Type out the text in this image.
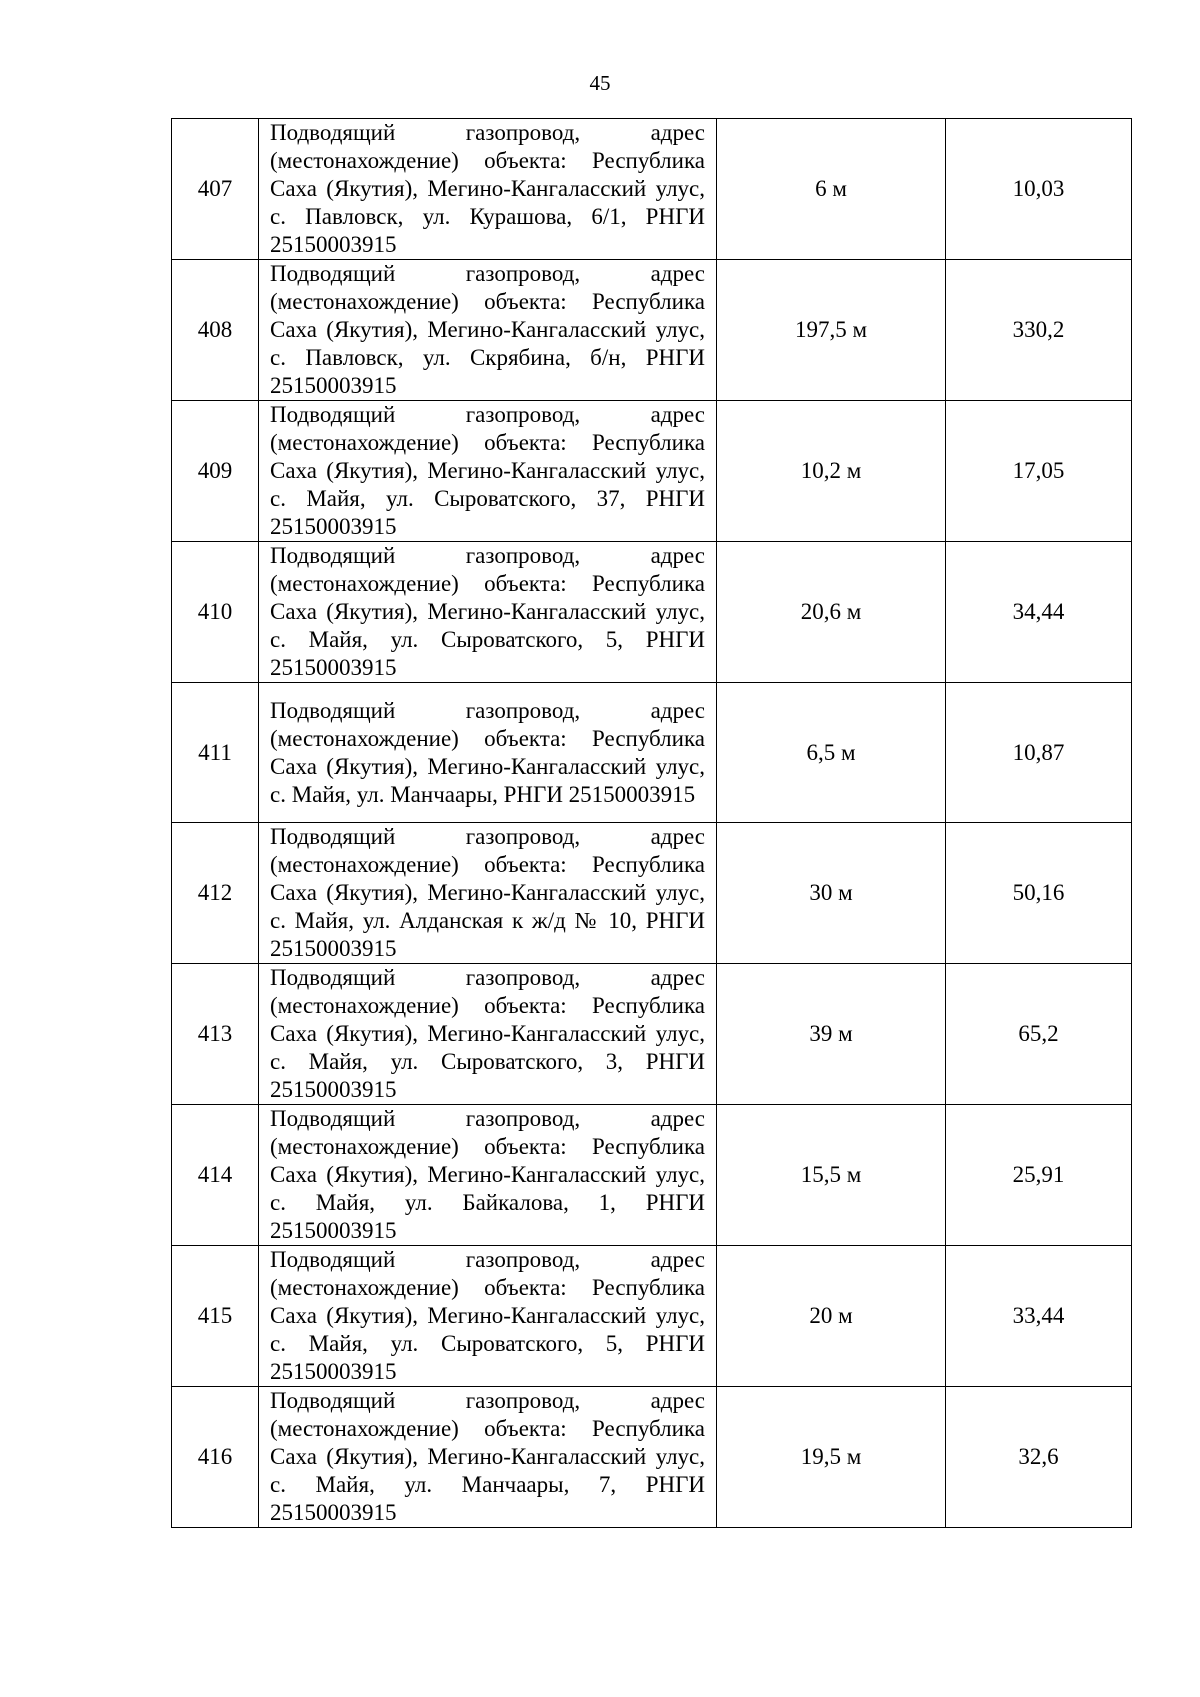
45
407	Подводящий газопровод, адрес (местонахождение) объекта: Республика Саха (Якутия), Мегино-Кангаласский улус, с. Павловск, ул. Курашова, 6/1, РНГИ 25150003915	6 м	10,03
408	Подводящий газопровод, адрес (местонахождение) объекта: Республика Саха (Якутия), Мегино-Кангаласский улус, с. Павловск, ул. Скрябина, б/н, РНГИ 25150003915	197,5 м	330,2
409	Подводящий газопровод, адрес (местонахождение) объекта: Республика Саха (Якутия), Мегино-Кангаласский улус, с. Майя, ул. Сыроватского, 37, РНГИ 25150003915	10,2 м	17,05
410	Подводящий газопровод, адрес (местонахождение) объекта: Республика Саха (Якутия), Мегино-Кангаласский улус, с. Майя, ул. Сыроватского, 5, РНГИ 25150003915	20,6 м	34,44
411	Подводящий газопровод, адрес (местонахождение) объекта: Республика Саха (Якутия), Мегино-Кангаласский улус, с. Майя, ул. Манчаары, РНГИ 25150003915	6,5 м	10,87
412	Подводящий газопровод, адрес (местонахождение) объекта: Республика Саха (Якутия), Мегино-Кангаласский улус, с. Майя, ул. Алданская к ж/д № 10, РНГИ 25150003915	30 м	50,16
413	Подводящий газопровод, адрес (местонахождение) объекта: Республика Саха (Якутия), Мегино-Кангаласский улус, с. Майя, ул. Сыроватского, 3, РНГИ 25150003915	39 м	65,2
414	Подводящий газопровод, адрес (местонахождение) объекта: Республика Саха (Якутия), Мегино-Кангаласский улус, с. Майя, ул. Байкалова, 1, РНГИ 25150003915	15,5 м	25,91
415	Подводящий газопровод, адрес (местонахождение) объекта: Республика Саха (Якутия), Мегино-Кангаласский улус, с. Майя, ул. Сыроватского, 5, РНГИ 25150003915	20 м	33,44
416	Подводящий газопровод, адрес (местонахождение) объекта: Республика Саха (Якутия), Мегино-Кангаласский улус, с. Майя, ул. Манчаары, 7, РНГИ 25150003915	19,5 м	32,6
